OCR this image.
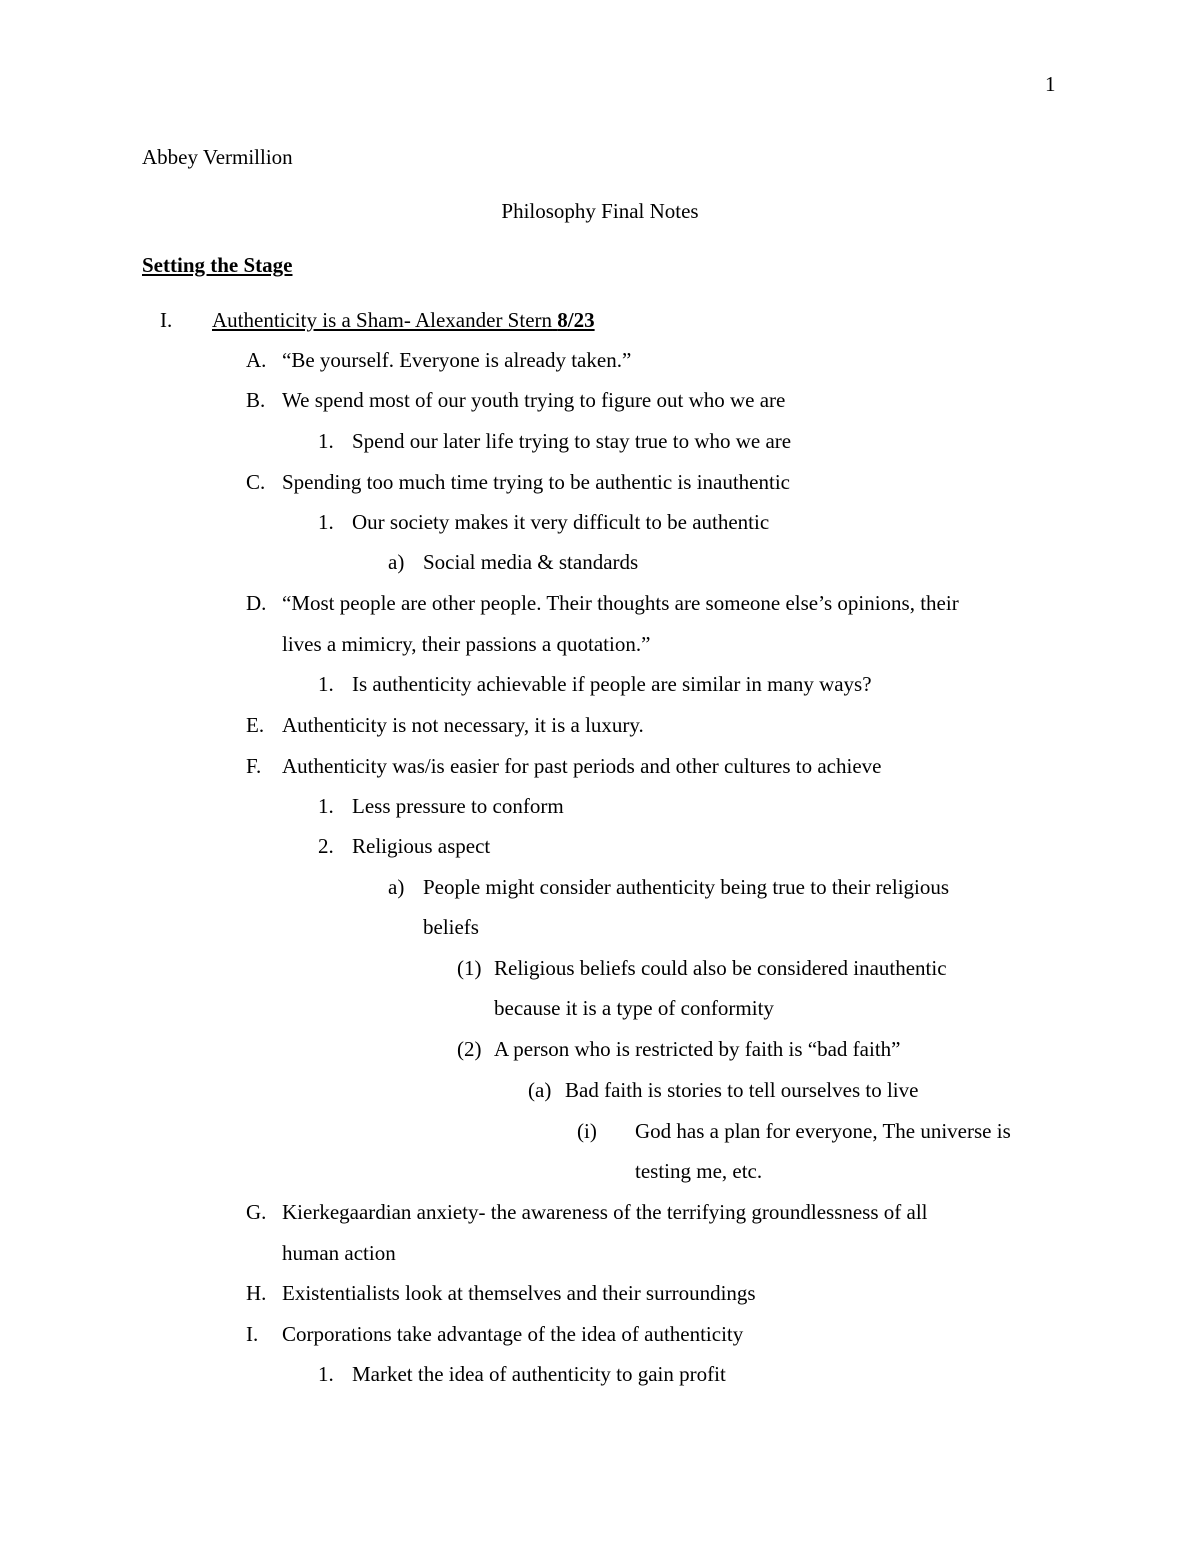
1
Abbey Vermillion
Philosophy Final Notes
Setting the Stage
I. Authenticity is a Sham- Alexander Stern 8/23
A. “Be yourself. Everyone is already taken.”
B. We spend most of our youth trying to figure out who we are
1. Spend our later life trying to stay true to who we are
C. Spending too much time trying to be authentic is inauthentic
1. Our society makes it very difficult to be authentic
a) Social media & standards
D. “Most people are other people. Their thoughts are someone else’s opinions, their
lives a mimicry, their passions a quotation.”
1. Is authenticity achievable if people are similar in many ways?
E. Authenticity is not necessary, it is a luxury.
F. Authenticity was/is easier for past periods and other cultures to achieve
1. Less pressure to conform
2. Religious aspect
a) People might consider authenticity being true to their religious
beliefs
(1) Religious beliefs could also be considered inauthentic
because it is a type of conformity
(2) A person who is restricted by faith is “bad faith”
(a) Bad faith is stories to tell ourselves to live
(i) God has a plan for everyone, The universe is
testing me, etc.
G. Kierkegaardian anxiety- the awareness of the terrifying groundlessness of all
human action
H. Existentialists look at themselves and their surroundings
I. Corporations take advantage of the idea of authenticity
1. Market the idea of authenticity to gain profit
